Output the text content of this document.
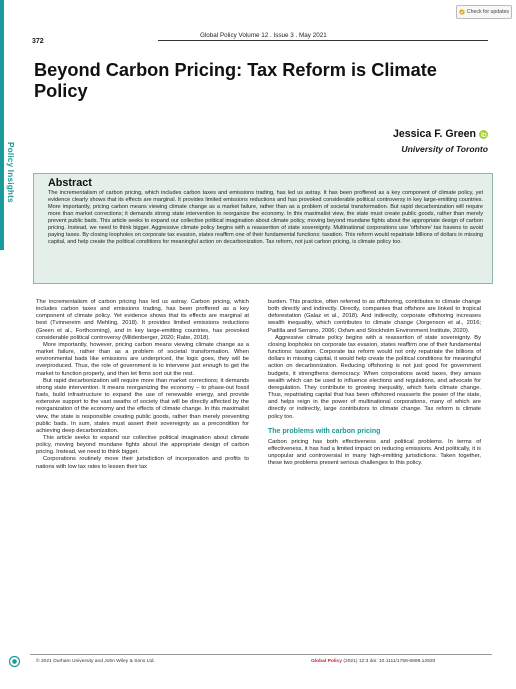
Check for updates
372
Global Policy Volume 12 . Issue 3 . May 2021
Policy Insights
Beyond Carbon Pricing: Tax Reform is Climate Policy
Jessica F. Green
University of Toronto
Abstract

The incrementalism of carbon pricing, which includes carbon taxes and emissions trading, has led us astray. It has been proffered as a key component of climate policy, yet evidence clearly shows that its effects are marginal. It provides limited emissions reductions and has provoked considerable political controversy in key large-emitting countries. More importantly, pricing carbon means viewing climate change as a market failure, rather than as a problem of societal transformation. But rapid decarbonization will require more than market corrections; it demands strong state intervention to reorganize the economy. In this maximalist view, the state must create public goods, rather than merely prevent public bads. This article seeks to expand our collective political imagination about climate policy, moving beyond mundane fights about the appropriate design of carbon pricing. Instead, we need to think bigger. Aggressive climate policy begins with a reassertion of state sovereignty. Multinational corporations use 'offshore' tax havens to avoid paying taxes. By closing loopholes on corporate tax evasion, states reaffirm one of their fundamental functions: taxation. This reform would repatriate billions of dollars in missing capital, and help create the political conditions for meaningful action on decarbonization. Tax reform, not just carbon pricing, is climate policy too.

The incrementalism of carbon pricing has led us astray. Carbon pricing, which includes carbon taxes and emissions trading, has been proffered as a key component of climate policy. Yet evidence shows that its effects are marginal at best (Tvinnereim and Mehling, 2018). It provides limited emissions reductions (Green et al., Forthcoming), and in key large-emitting countries, has provoked considerable political controversy (Mildenberger, 2020; Rabe, 2018).

More importantly, however, pricing carbon means viewing climate change as a market failure, rather than as a problem of societal transformation. When environmental bads like emissions are underpriced, the logic goes, they will be overproduced. Thus, the role of government is to intervene just enough to get the market to function properly, and then let firms sort out the rest.

But rapid decarbonization will require more than market corrections; it demands strong state intervention. It means reorganizing the economy – to phase-out fossil fuels, build infrastructure to expand the use of renewable energy, and provide extensive support to the vast swaths of society that will be directly affected by the reorganization of the economy and the effects of climate change. In this maximalist view, the state is responsible creating public goods, rather than merely preventing public bads. In sum, states must assert their sovereignty as a precondition for achieving deep decarbonization.

This article seeks to expand our collective political imagination about climate policy, moving beyond mundane fights about the appropriate design of carbon pricing. Instead, we need to think bigger.

Corporations routinely move their jurisdiction of incorporation and profits to nations with low tax rates to lessen their tax

burden. This practice, often referred to as offshoring, contributes to climate change both directly and indirectly. Directly, companies that offshore are linked to tropical deforestation (Galaz et al., 2018). And indirectly, corporate offshoring increases wealth inequality, which contributes to climate change (Jorgenson et al., 2016; Padilla and Serrano, 2006; Oxfam and Stockholm Environment Institute, 2020).

Aggressive climate policy begins with a reassertion of state sovereignty. By closing loopholes on corporate tax evasion, states reaffirm one of their fundamental functions: taxation. Corporate tax reform would not only repatriate the billions of dollars in missing capital, it would help create the political conditions for meaningful action on decarbonization. Reducing offshoring is not just good for government budgets, it strengthens democracy. When corporations avoid taxes, they amass wealth which can be used to influence elections and regulations, and advocate for deregulation. They contribute to growing inequality, which fuels climate change. Thus, repatriating capital that has been offshored reasserts the power of the state, and helps reign in the power of multinational corporations, many of which are directly or indirectly, large contributors to climate change. Tax reform is climate policy too.

The problems with carbon pricing

Carbon pricing has both effectiveness and political problems. In terms of effectiveness, it has had a limited impact on reducing emissions. And politically, it is unpopular and controversial in many high-emitting jurisdictions. Taken together, these two problems present serious challenges to this policy.

© 2021 Durham University and John Wiley & Sons Ltd.	Global Policy (2021) 12:3 doi: 10.1111/1758-5899.12920
